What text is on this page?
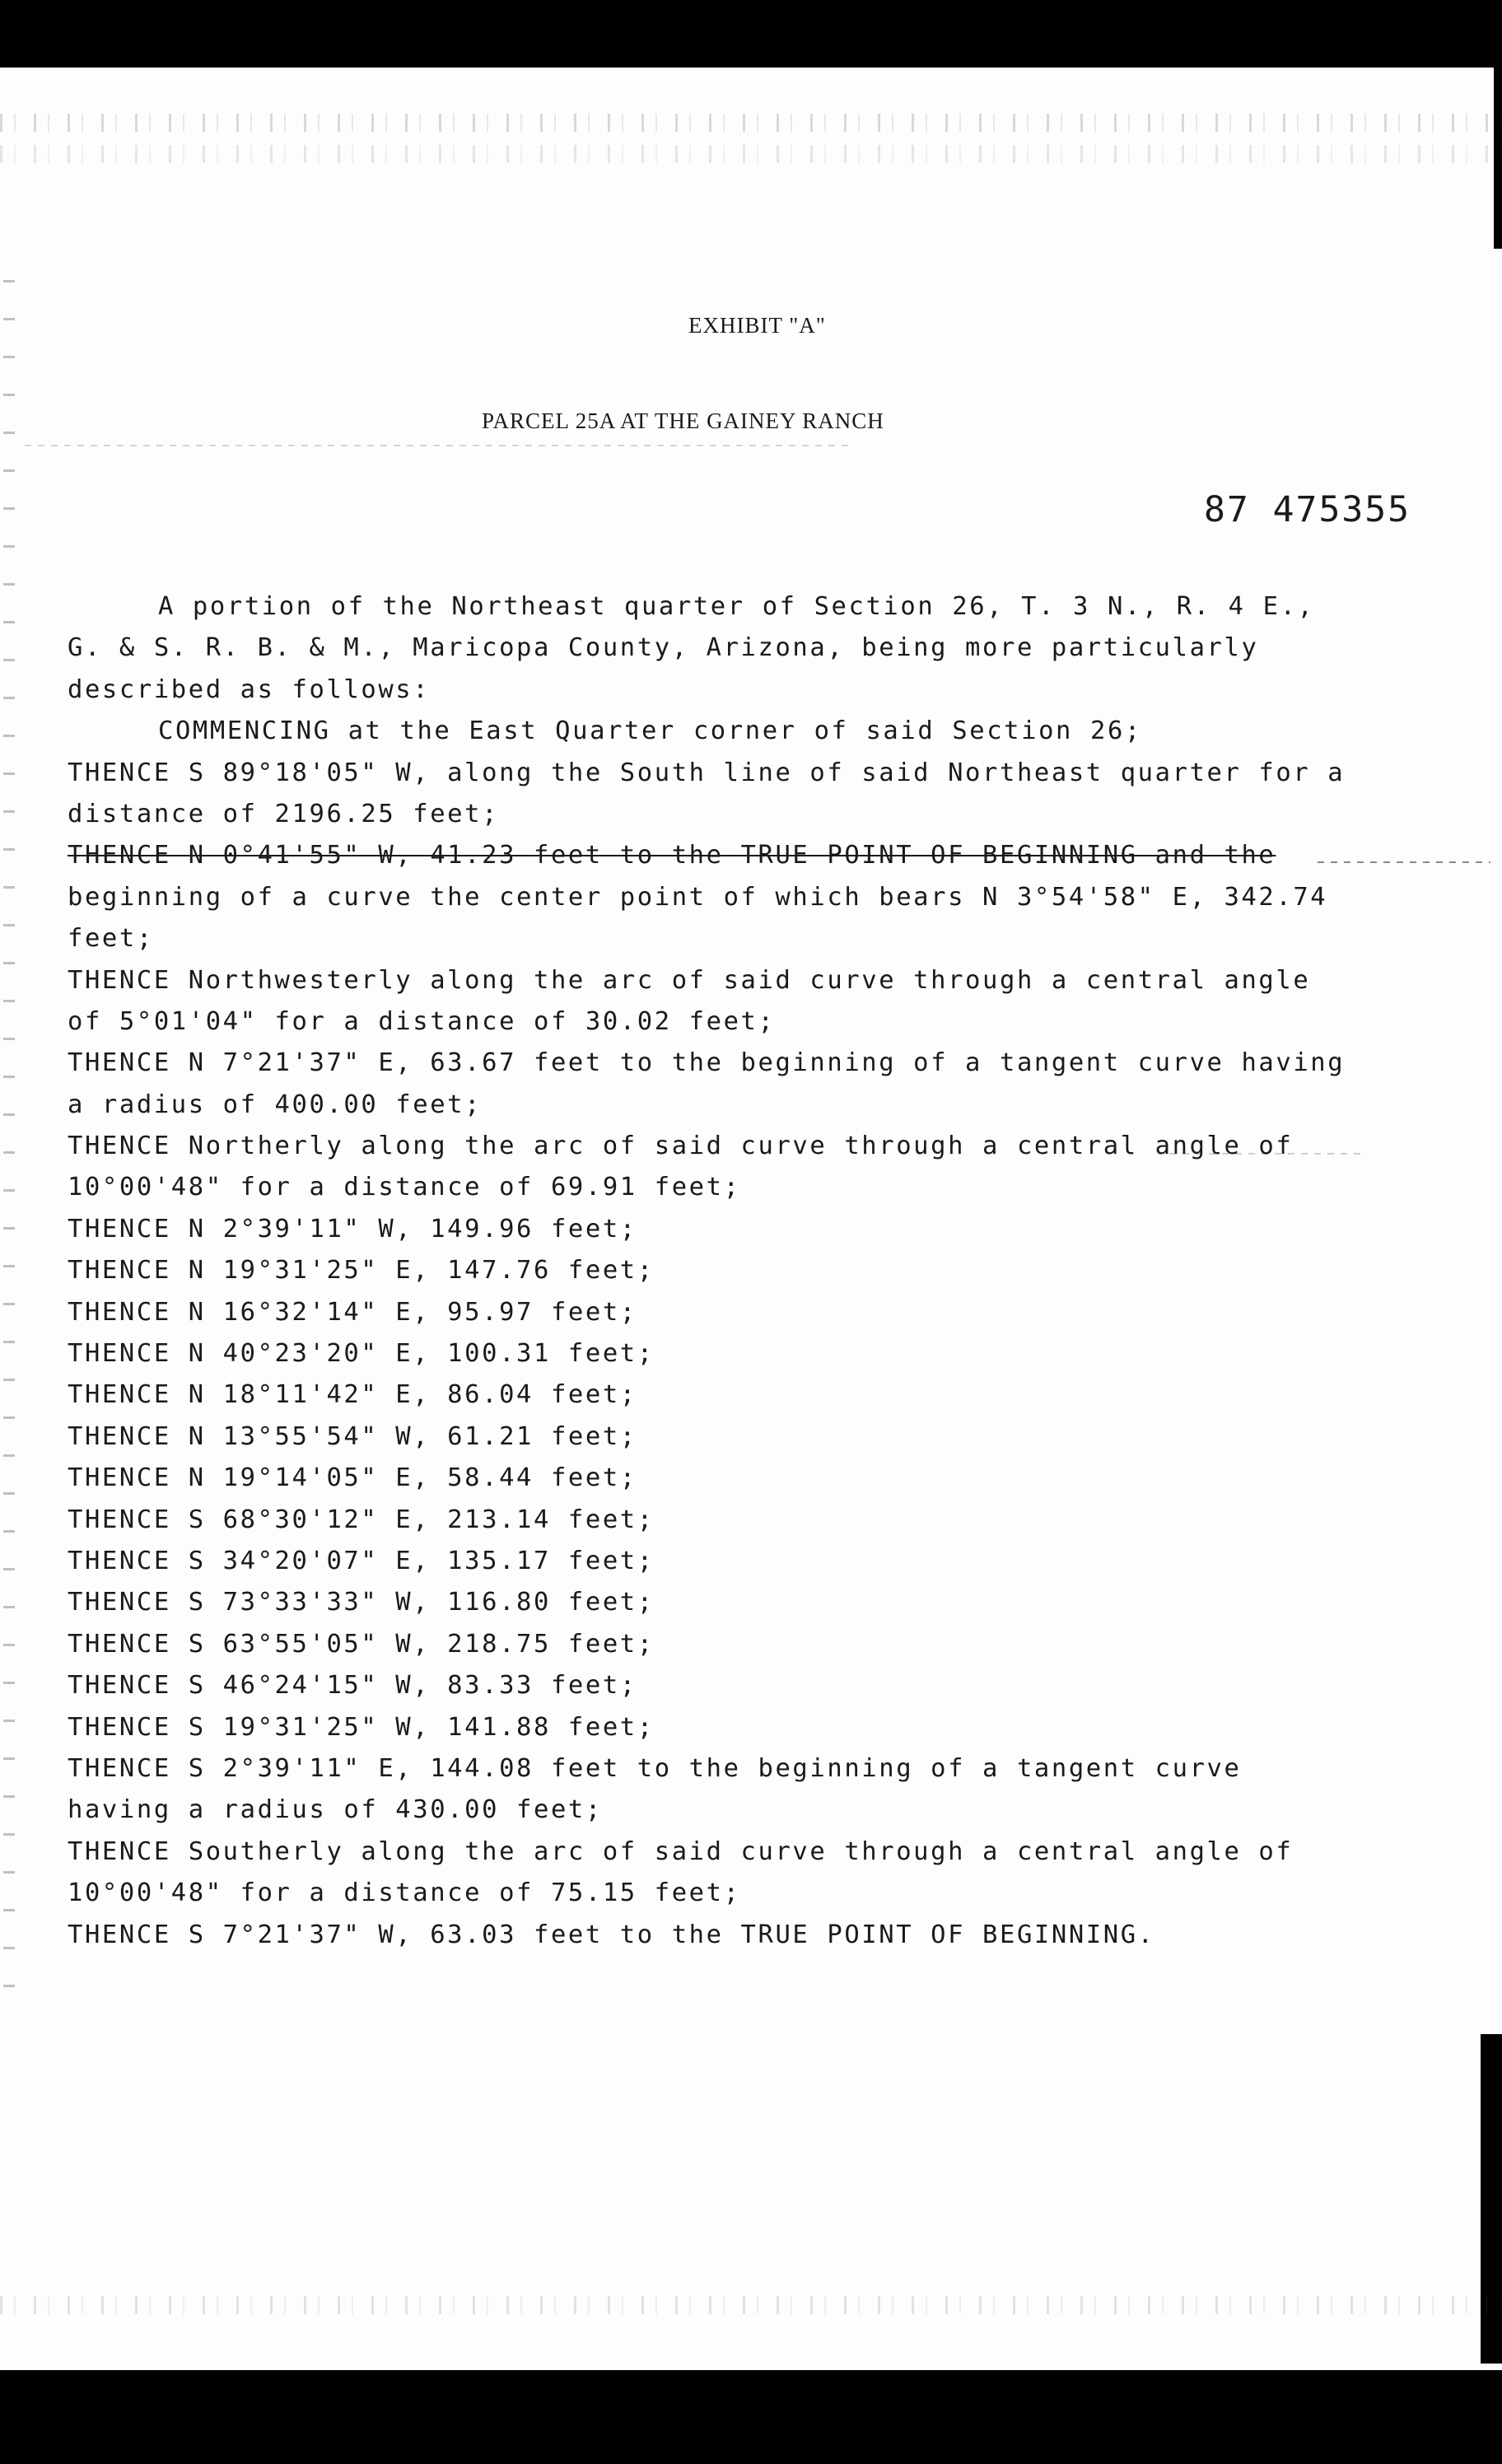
EXHIBIT "A"
PARCEL 25A AT THE GAINEY RANCH
87 475355
A portion of the Northeast quarter of Section 26, T. 3 N., R. 4 E.,
G. & S. R. B. & M., Maricopa County, Arizona, being more particularly
described as follows:
COMMENCING at the East Quarter corner of said Section 26;
THENCE S 89°18'05" W, along the South line of said Northeast quarter for a
distance of 2196.25 feet;
THENCE N 0°41'55" W, 41.23 feet to the TRUE POINT OF BEGINNING and the
beginning of a curve the center point of which bears N 3°54'58" E, 342.74
feet;
THENCE Northwesterly along the arc of said curve through a central angle
of 5°01'04" for a distance of 30.02 feet;
THENCE N 7°21'37" E, 63.67 feet to the beginning of a tangent curve having
a radius of 400.00 feet;
THENCE Northerly along the arc of said curve through a central angle of
10°00'48" for a distance of 69.91 feet;
THENCE N 2°39'11" W, 149.96 feet;
THENCE N 19°31'25" E, 147.76 feet;
THENCE N 16°32'14" E, 95.97 feet;
THENCE N 40°23'20" E, 100.31 feet;
THENCE N 18°11'42" E, 86.04 feet;
THENCE N 13°55'54" W, 61.21 feet;
THENCE N 19°14'05" E, 58.44 feet;
THENCE S 68°30'12" E, 213.14 feet;
THENCE S 34°20'07" E, 135.17 feet;
THENCE S 73°33'33" W, 116.80 feet;
THENCE S 63°55'05" W, 218.75 feet;
THENCE S 46°24'15" W, 83.33 feet;
THENCE S 19°31'25" W, 141.88 feet;
THENCE S 2°39'11" E, 144.08 feet to the beginning of a tangent curve
having a radius of 430.00 feet;
THENCE Southerly along the arc of said curve through a central angle of
10°00'48" for a distance of 75.15 feet;
THENCE S 7°21'37" W, 63.03 feet to the TRUE POINT OF BEGINNING.
